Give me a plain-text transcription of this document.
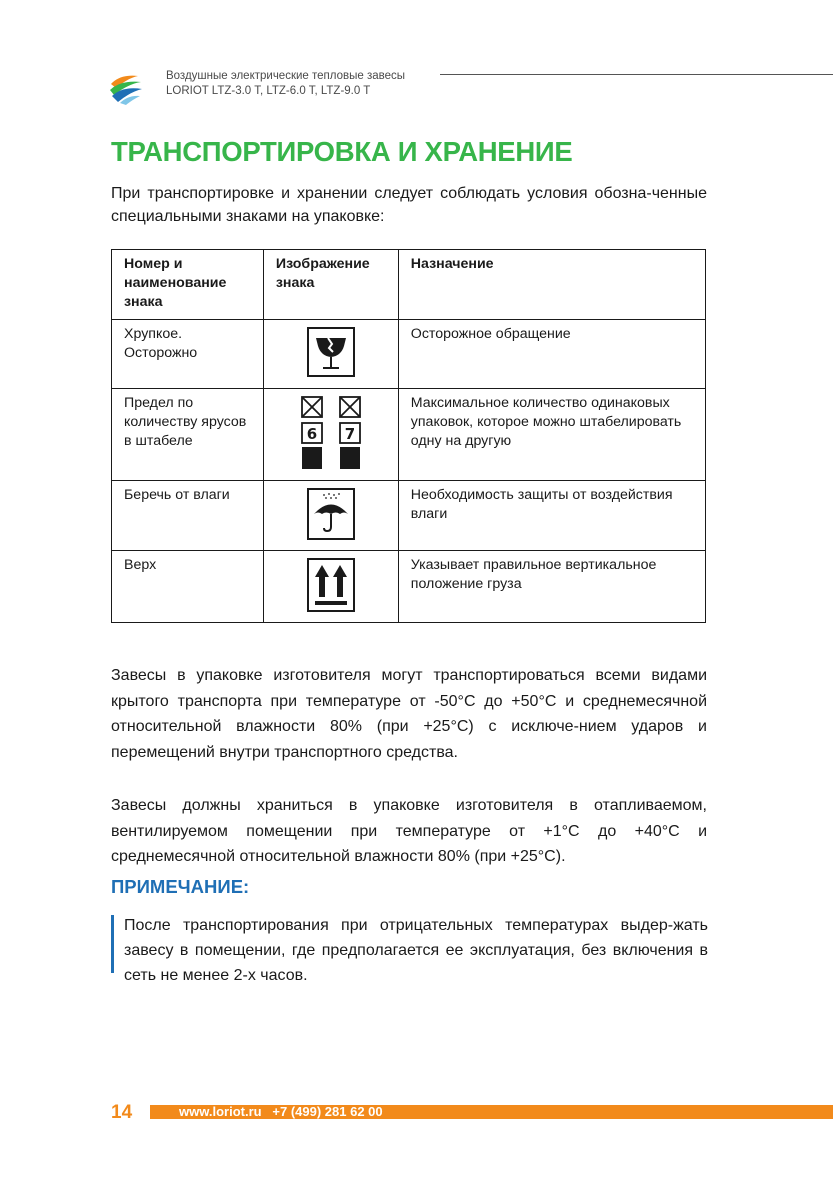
Воздушные электрические тепловые завесы
LORIOT LTZ-3.0 T, LTZ-6.0 T, LTZ-9.0 T
ТРАНСПОРТИРОВКА И ХРАНЕНИЕ
При транспортировке и хранении следует соблюдать условия обозна-ченные специальными знаками на упаковке:
Номер и наименование знака	Изображение знака	Назначение
Хрупкое. Осторожно		Осторожное обращение
Предел по количеству ярусов в штабеле	6 7	Максимальное количество одинаковых упаковок, которое можно штабелировать одну на другую
Беречь от влаги		Необходимость защиты от воздействия влаги
Верх		Указывает правильное вертикальное положение груза
Завесы в упаковке изготовителя могут транспортироваться всеми видами крытого транспорта при температуре от -50°С до +50°С и среднемесячной относительной влажности 80% (при +25°С) с исключе-нием ударов и перемещений внутри транспортного средства.
Завесы должны храниться в упаковке изготовителя в отапливаемом, вентилируемом помещении при температуре от +1°С до +40°С и среднемесячной относительной влажности 80% (при +25°С).
ПРИМЕЧАНИЕ:
После транспортирования при отрицательных температурах выдер-жать завесу в помещении, где предполагается ее эксплуатация, без включения в сеть не менее 2-х часов.
14	www.loriot.ru   +7 (499) 281 62 00
